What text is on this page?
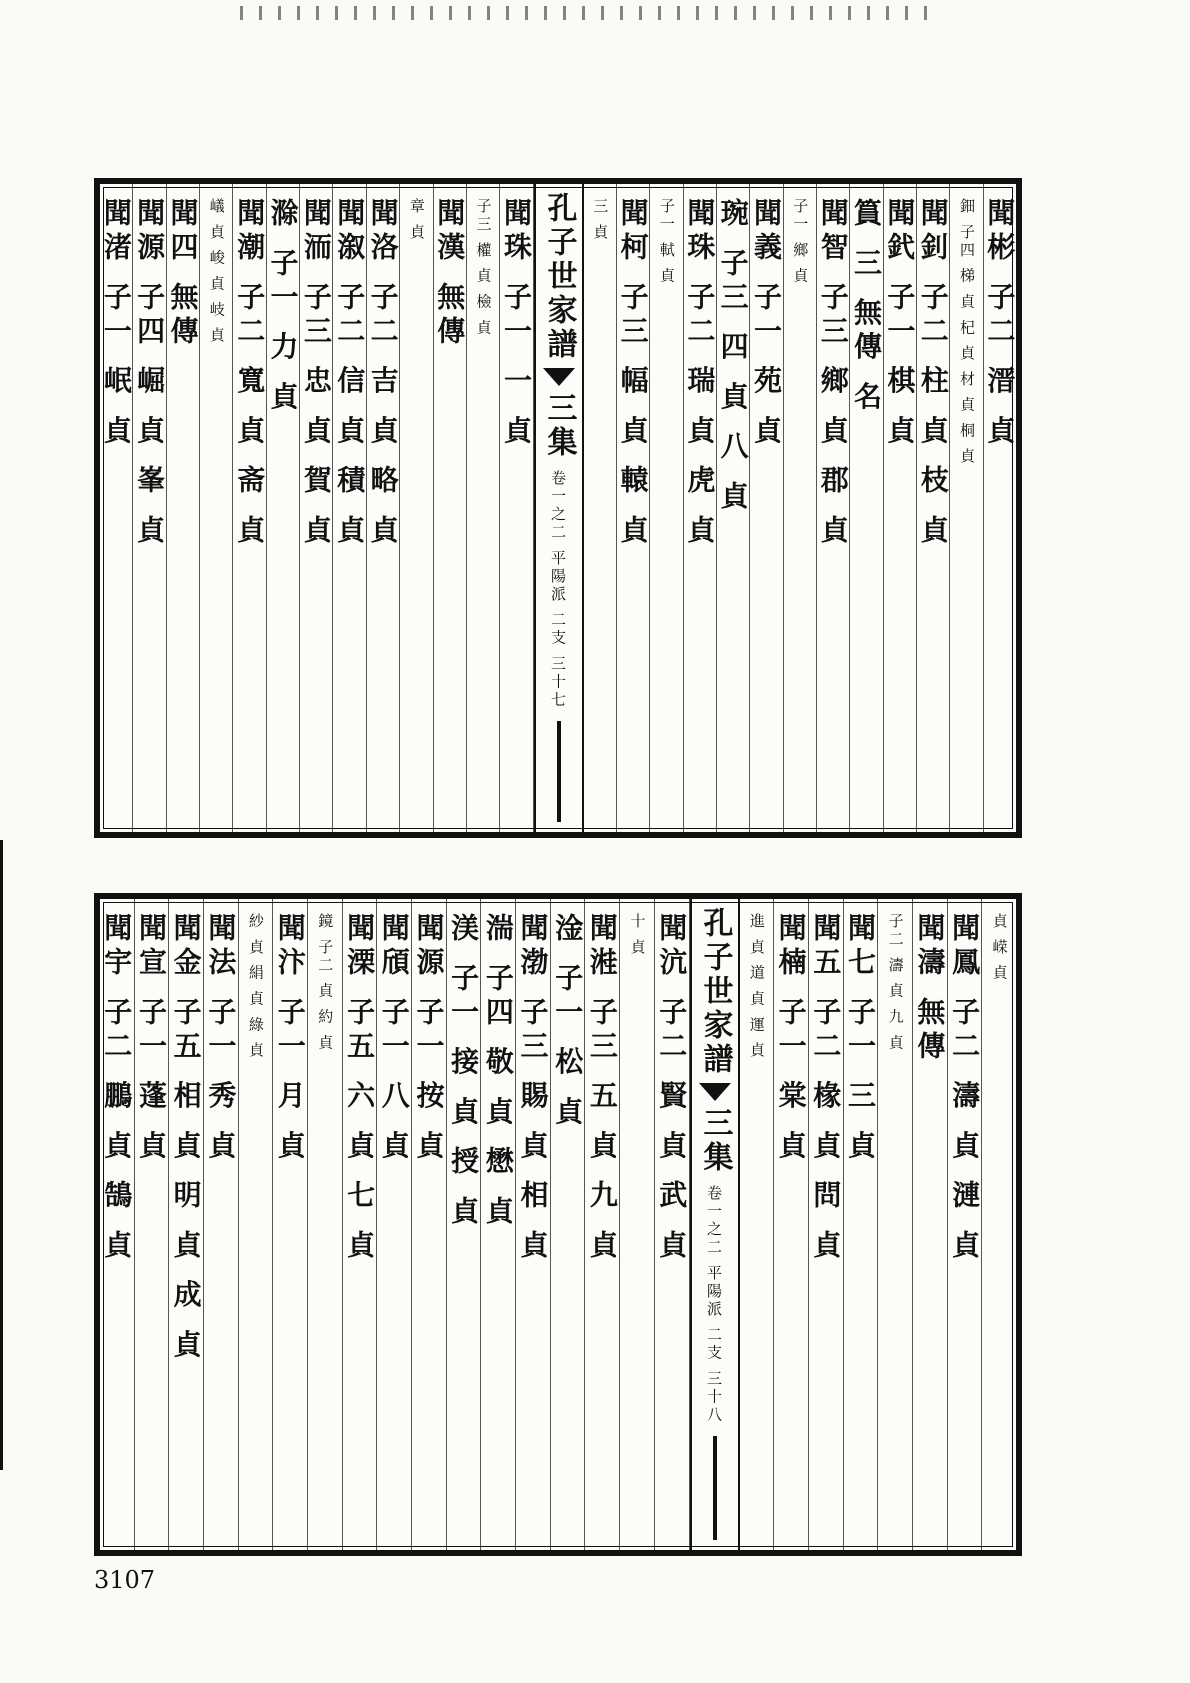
聞彬 子二 溍 貞
鈿 子四 梯 貞 杞 貞 材 貞 桐 貞
聞釗 子二 柱 貞 枝 貞
聞釴 子一 棋 貞
篔 三 無傳 名
聞智 子三 鄉 貞 郡 貞
子一 鄉 貞
聞義 子一 苑 貞
琬 子三 四 貞 八 貞
聞珠 子二 瑞 貞 虎 貞
子一 軾 貞
聞柯 子三 幅 貞 轅 貞
三 貞
孔子世家譜
三集
卷一之二 平陽派 二支 三十七
聞珠 子一 一 貞
子三 權 貞 檢 貞
聞漢 無傳
章 貞
聞洛 子二 吉 貞 略 貞
聞溆 子二 信 貞 積 貞
聞洏 子三 忠 貞 賀 貞
滁 子一 力 貞
聞潮 子二 寬 貞 斋 貞
嶬 貞 峻 貞 岐 貞
聞四 無傳
聞源 子四 崛 貞 峯 貞
聞渚 子一 岷 貞
貞 嵘 貞
聞鳳 子二 濤 貞 漣 貞
聞濤 無傳
子二 濤 貞 九 貞
聞七 子一 三 貞
聞五 子二 椽 貞 問 貞
聞楠 子一 棠 貞
進 貞 道 貞 運 貞
孔子世家譜
三集
卷一之二 平陽派 二支 三十八
聞沆 子二 賢 貞 武 貞
十 貞
聞溎 子三 五 貞 九 貞
淦 子一 松 貞
聞渤 子三 賜 貞 相 貞
湍 子四 敬 貞 懋 貞
渼 子一 接 貞 授 貞
聞源 子一 按 貞
聞頎 子一 八 貞
聞溧 子五 六 貞 七 貞
鏡 子二 貞 約 貞
聞汴 子一 月 貞
紗 貞 絹 貞 綠 貞
聞法 子一 秀 貞
聞金 子五 相 貞 明 貞 成 貞
聞宣 子一 蓬 貞
聞宇 子二 鵬 貞 鵠 貞
3107
